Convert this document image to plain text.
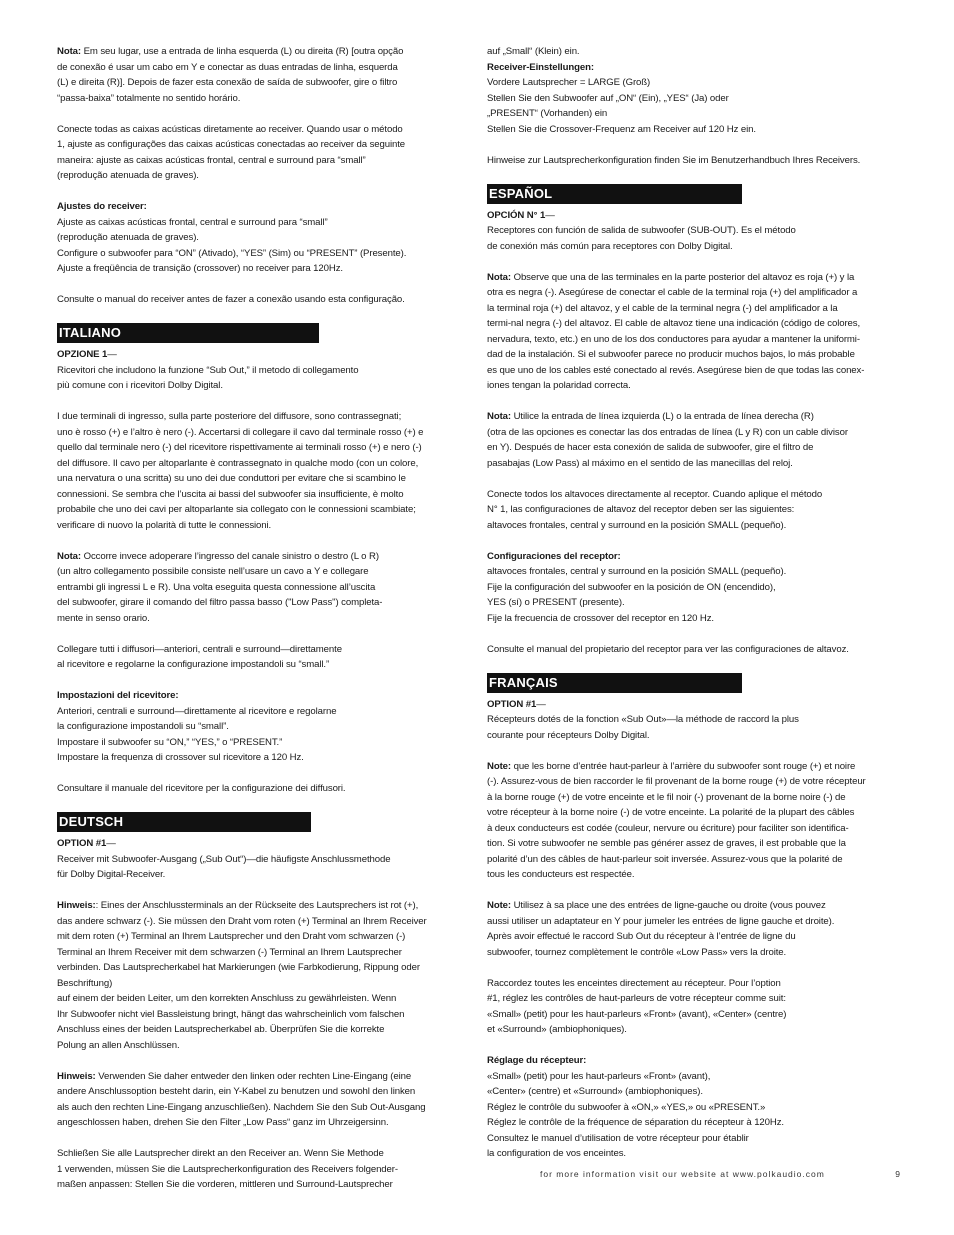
Nota: Em seu lugar, use a entrada de linha esquerda (L) ou direita (R) [outra opção
de conexão é usar um cabo em Y e conectar as duas entradas de linha, esquerda
(L) e direita (R)]. Depois de fazer esta conexão de saída de subwoofer, gire o filtro
“passa-baixa” totalmente no sentido horário.

Conecte todas as caixas acústicas diretamente ao receiver. Quando usar o método
1, ajuste as configurações das caixas acústicas conectadas ao receiver da seguinte
maneira: ajuste as caixas acústicas frontal, central e surround para “small”
(reprodução atenuada de graves).

Ajustes do receiver:
Ajuste as caixas acústicas frontal, central e surround para “small”
(reprodução atenuada de graves).
Configure o subwoofer para “ON” (Ativado), “YES” (Sim) ou “PRESENT” (Presente).
Ajuste a freqüência de transição (crossover) no receiver para 120Hz.

Consulte o manual do receiver antes de fazer a conexão usando esta configuração.

ITALIANO

OPZIONE 1—
Ricevitori che includono la funzione “Sub Out,” il metodo di collegamento
più comune con i ricevitori Dolby Digital.

I due terminali di ingresso, sulla parte posteriore del diffusore, sono contrassegnati;
uno è rosso (+) e l’altro è nero (-). Accertarsi di collegare il cavo dal terminale rosso (+) e
quello dal terminale nero (-) del ricevitore rispettivamente ai terminali rosso (+) e nero (-)
del diffusore. Il cavo per altoparlante è contrassegnato in qualche modo (con un colore,
una nervatura o una scritta) su uno dei due conduttori per evitare che si scambino le
connessioni. Se sembra che l’uscita ai bassi del subwoofer sia insufficiente, è molto
probabile che uno dei cavi per altoparlante sia collegato con le connessioni scambiate;
verificare di nuovo la polarità di tutte le connessioni.

Nota: Occorre invece adoperare l’ingresso del canale sinistro o destro (L o R)
(un altro collegamento possibile consiste nell’usare un cavo a Y e collegare
entrambi gli ingressi L e R). Una volta eseguita questa connessione all’uscita
del subwoofer, girare il comando del filtro passa basso ("Low Pass") completa-
mente in senso orario.

Collegare tutti i diffusori—anteriori, centrali e surround—direttamente
al ricevitore e regolarne la configurazione impostandoli su “small.”

Impostazioni del ricevitore:
Anteriori, centrali e surround—direttamente al ricevitore e regolarne
la configurazione impostandoli su “small”.
Impostare il subwoofer su “ON,” “YES,” o “PRESENT.”
Impostare la frequenza di crossover sul ricevitore a 120 Hz.

Consultare il manuale del ricevitore per la configurazione dei diffusori.

DEUTSCH

OPTION #1—
Receiver mit Subwoofer-Ausgang („Sub Out“)—die häufigste Anschlussmethode
für Dolby Digital-Receiver.

Hinweis:: Eines der Anschlussterminals an der Rückseite des Lautsprechers ist rot (+),
das andere schwarz (-). Sie müssen den Draht vom roten (+) Terminal an Ihrem Receiver
mit dem roten (+) Terminal an Ihrem Lautsprecher und den Draht vom schwarzen (-)
Terminal an Ihrem Receiver mit dem schwarzen (-) Terminal an Ihrem Lautsprecher
verbinden. Das Lautsprecherkabel hat Markierungen (wie Farbkodierung, Rippung oder
Beschriftung)
auf einem der beiden Leiter, um den korrekten Anschluss zu gewährleisten. Wenn
Ihr Subwoofer nicht viel Bassleistung bringt, hängt das wahrscheinlich vom falschen
Anschluss eines der beiden Lautsprecherkabel ab. Überprüfen Sie die korrekte
Polung an allen Anschlüssen.

Hinweis: Verwenden Sie daher entweder den linken oder rechten Line-Eingang (eine
andere Anschlussoption besteht darin, ein Y-Kabel zu benutzen und sowohl den linken
als auch den rechten Line-Eingang anzuschließen). Nachdem Sie den Sub Out-Ausgang
angeschlossen haben, drehen Sie den Filter „Low Pass“ ganz im Uhrzeigersinn.

Schließen Sie alle Lautsprecher direkt an den Receiver an. Wenn Sie Methode
1 verwenden, müssen Sie die Lautsprecherkonfiguration des Receivers folgender-
maßen anpassen: Stellen Sie die vorderen, mittleren und Surround-Lautsprecher

auf „Small“ (Klein) ein.
Receiver-Einstellungen:
Vordere Lautsprecher = LARGE (Groß)
Stellen Sie den Subwoofer auf „ON“ (Ein), „YES“ (Ja) oder
„PRESENT“ (Vorhanden) ein
Stellen Sie die Crossover-Frequenz am Receiver auf 120 Hz ein.

Hinweise zur Lautsprecherkonfiguration finden Sie im Benutzerhandbuch Ihres Receivers.

ESPAÑOL

OPCIÓN N° 1—
Receptores con función de salida de subwoofer (SUB-OUT). Es el método
de conexión más común para receptores con Dolby Digital.

Nota: Observe que una de las terminales en la parte posterior del altavoz es roja (+) y la
otra es negra (-). Asegúrese de conectar el cable de la terminal roja (+) del amplificador a
la terminal roja (+) del altavoz, y el cable de la terminal negra (-) del amplificador a la
termi-nal negra (-) del altavoz. El cable de altavoz tiene una indicación (código de colores,
nervadura, texto, etc.) en uno de los dos conductores para ayudar a mantener la uniformi-
dad de la instalación. Si el subwoofer parece no producir muchos bajos, lo más probable
es que uno de los cables esté conectado al revés. Asegúrese bien de que todas las conex-
iones tengan la polaridad correcta.

Nota: Utilice la entrada de línea izquierda (L) o la entrada de línea derecha (R)
(otra de las opciones es conectar las dos entradas de línea (L y R) con un cable divisor
en Y). Después de hacer esta conexión de salida de subwoofer, gire el filtro de
pasabajas (Low Pass) al máximo en el sentido de las manecillas del reloj.

Conecte todos los altavoces directamente al receptor. Cuando aplique el método
N° 1, las configuraciones de altavoz del receptor deben ser las siguientes:
altavoces frontales, central y surround en la posición SMALL (pequeño).

Configuraciones del receptor:
altavoces frontales, central y surround en la posición SMALL (pequeño).
Fije la configuración del subwoofer en la posición de ON (encendido),
YES (sí) o PRESENT (presente).
Fije la frecuencia de crossover del receptor en 120 Hz.

Consulte el manual del propietario del receptor para ver las configuraciones de altavoz.

FRANÇAIS

OPTION #1—
Récepteurs dotés de la fonction «Sub Out»—la méthode de raccord la plus
courante pour récepteurs Dolby Digital.

Note: que les borne d’entrée haut-parleur à l’arrière du subwoofer sont rouge (+) et noire
(-). Assurez-vous de bien raccorder le fil provenant de la borne rouge (+) de votre récepteur
à la borne rouge (+) de votre enceinte et le fil noir (-) provenant de la borne noire (-) de
votre récepteur à la borne noire (-) de votre enceinte. La polarité de la plupart des câbles
à deux conducteurs est codée (couleur, nervure ou écriture) pour faciliter son identifica-
tion. Si votre subwoofer ne semble pas générer assez de graves, il est probable que la
polarité d’un des câbles de haut-parleur soit inversée. Assurez-vous que la polarité de
tous les conducteurs est respectée.

Note: Utilisez à sa place une des entrées de ligne-gauche ou droite (vous pouvez
aussi utiliser un adaptateur en Y pour jumeler les entrées de ligne gauche et droite).
Après avoir effectué le raccord Sub Out du récepteur à l’entrée de ligne du
subwoofer, tournez complètement le contrôle «Low Pass» vers la droite.

Raccordez toutes les enceintes directement au récepteur. Pour l’option
#1, réglez les contrôles de haut-parleurs de votre récepteur comme suit:
«Small» (petit) pour les haut-parleurs «Front» (avant), «Center» (centre)
et «Surround» (ambiophoniques).

Réglage du récepteur:
«Small» (petit) pour les haut-parleurs «Front» (avant),
«Center» (centre) et «Surround» (ambiophoniques).
Réglez le contrôle du subwoofer à «ON,» «YES,» ou «PRESENT.»
Réglez le contrôle de la fréquence de séparation du récepteur à 120Hz.
Consultez le manuel d’utilisation de votre récepteur pour établir
la configuration de vos enceintes.

for more information visit our website at www.polkaudio.com	9
